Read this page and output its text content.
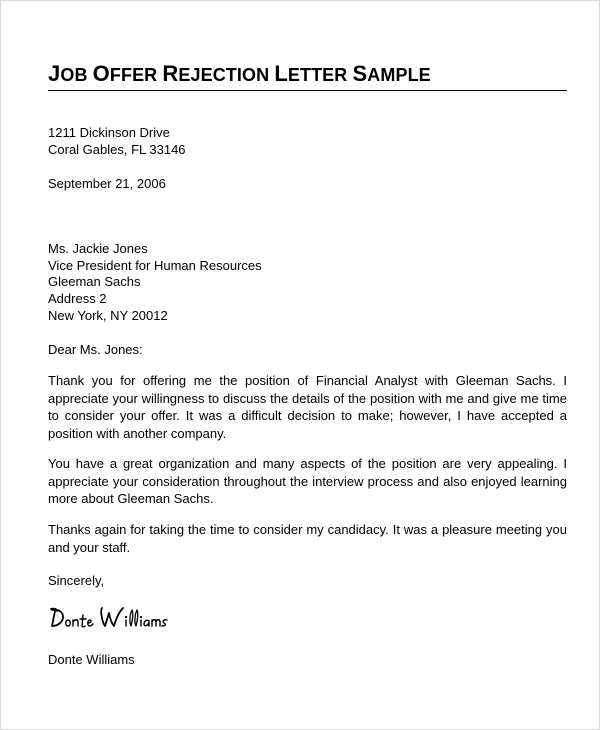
JOB OFFER REJECTION LETTER SAMPLE
1211 Dickinson Drive
Coral Gables, FL 33146
September 21, 2006
Ms. Jackie Jones
Vice President for Human Resources
Gleeman Sachs
Address 2
New York, NY 20012
Dear Ms. Jones:
Thank you for offering me the position of Financial Analyst with Gleeman Sachs. I appreciate your willingness to discuss the details of the position with me and give me time to consider your offer. It was a difficult decision to make; however, I have accepted a position with another company.
You have a great organization and many aspects of the position are very appealing. I appreciate your consideration throughout the interview process and also enjoyed learning more about Gleeman Sachs.
Thanks again for taking the time to consider my candidacy. It was a pleasure meeting you and your staff.
Sincerely,
Donte Williams
